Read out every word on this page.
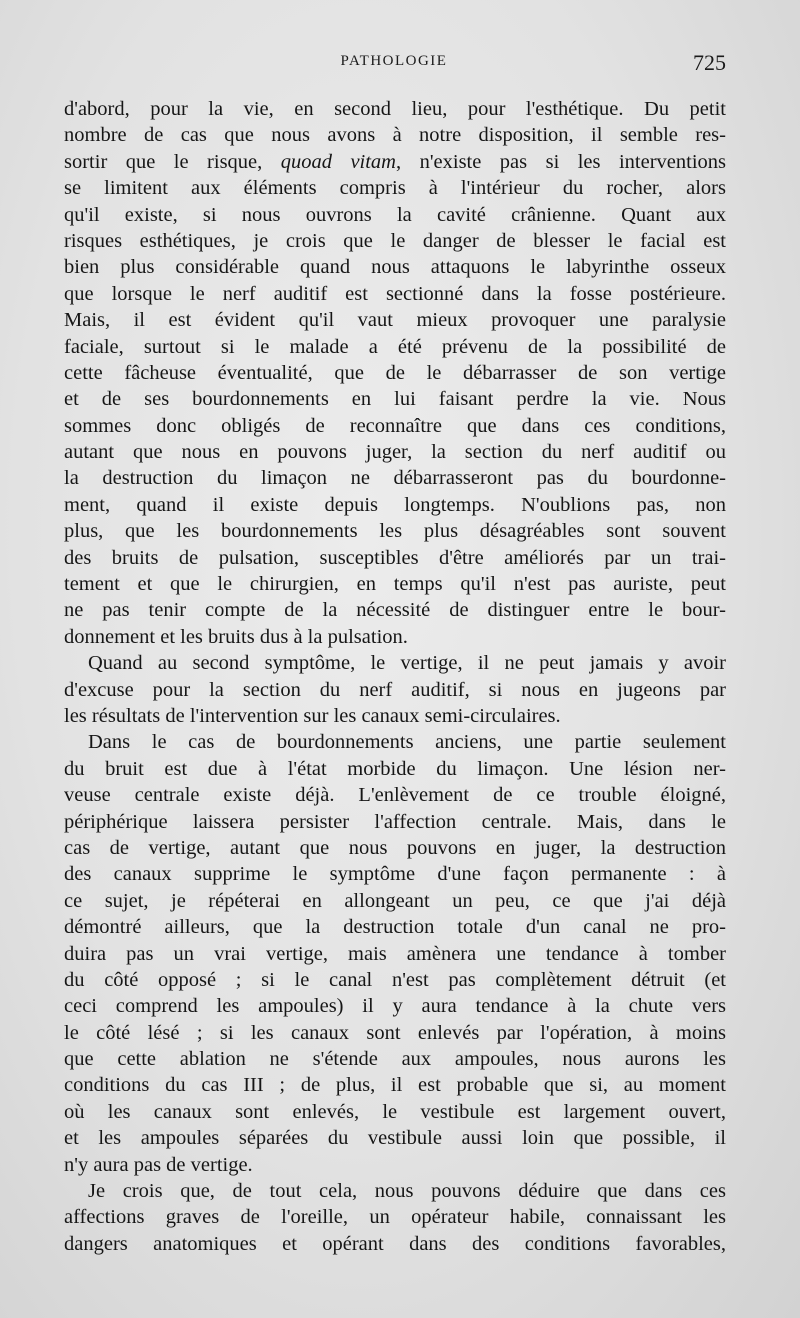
PATHOLOGIE	725
d'abord, pour la vie, en second lieu, pour l'esthétique. Du petit
nombre de cas que nous avons à notre disposition, il semble res-
sortir que le risque, quoad vitam, n'existe pas si les interventions
se limitent aux éléments compris à l'intérieur du rocher, alors
qu'il existe, si nous ouvrons la cavité crânienne. Quant aux
risques esthétiques, je crois que le danger de blesser le facial est
bien plus considérable quand nous attaquons le labyrinthe osseux
que lorsque le nerf auditif est sectionné dans la fosse postérieure.
Mais, il est évident qu'il vaut mieux provoquer une paralysie
faciale, surtout si le malade a été prévenu de la possibilité de
cette fâcheuse éventualité, que de le débarrasser de son vertige
et de ses bourdonnements en lui faisant perdre la vie. Nous
sommes donc obligés de reconnaître que dans ces conditions,
autant que nous en pouvons juger, la section du nerf auditif ou
la destruction du limaçon ne débarrasseront pas du bourdonne-
ment, quand il existe depuis longtemps. N'oublions pas, non
plus, que les bourdonnements les plus désagréables sont souvent
des bruits de pulsation, susceptibles d'être améliorés par un trai-
tement et que le chirurgien, en temps qu'il n'est pas auriste, peut
ne pas tenir compte de la nécessité de distinguer entre le bour-
donnement et les bruits dus à la pulsation.
Quand au second symptôme, le vertige, il ne peut jamais y avoir
d'excuse pour la section du nerf auditif, si nous en jugeons par
les résultats de l'intervention sur les canaux semi-circulaires.
Dans le cas de bourdonnements anciens, une partie seulement
du bruit est due à l'état morbide du limaçon. Une lésion ner-
veuse centrale existe déjà. L'enlèvement de ce trouble éloigné,
périphérique laissera persister l'affection centrale. Mais, dans le
cas de vertige, autant que nous pouvons en juger, la destruction
des canaux supprime le symptôme d'une façon permanente : à
ce sujet, je répéterai en allongeant un peu, ce que j'ai déjà
démontré ailleurs, que la destruction totale d'un canal ne pro-
duira pas un vrai vertige, mais amènera une tendance à tomber
du côté opposé ; si le canal n'est pas complètement détruit (et
ceci comprend les ampoules) il y aura tendance à la chute vers
le côté lésé ; si les canaux sont enlevés par l'opération, à moins
que cette ablation ne s'étende aux ampoules, nous aurons les
conditions du cas III ; de plus, il est probable que si, au moment
où les canaux sont enlevés, le vestibule est largement ouvert,
et les ampoules séparées du vestibule aussi loin que possible, il
n'y aura pas de vertige.
Je crois que, de tout cela, nous pouvons déduire que dans ces
affections graves de l'oreille, un opérateur habile, connaissant les
dangers anatomiques et opérant dans des conditions favorables,
